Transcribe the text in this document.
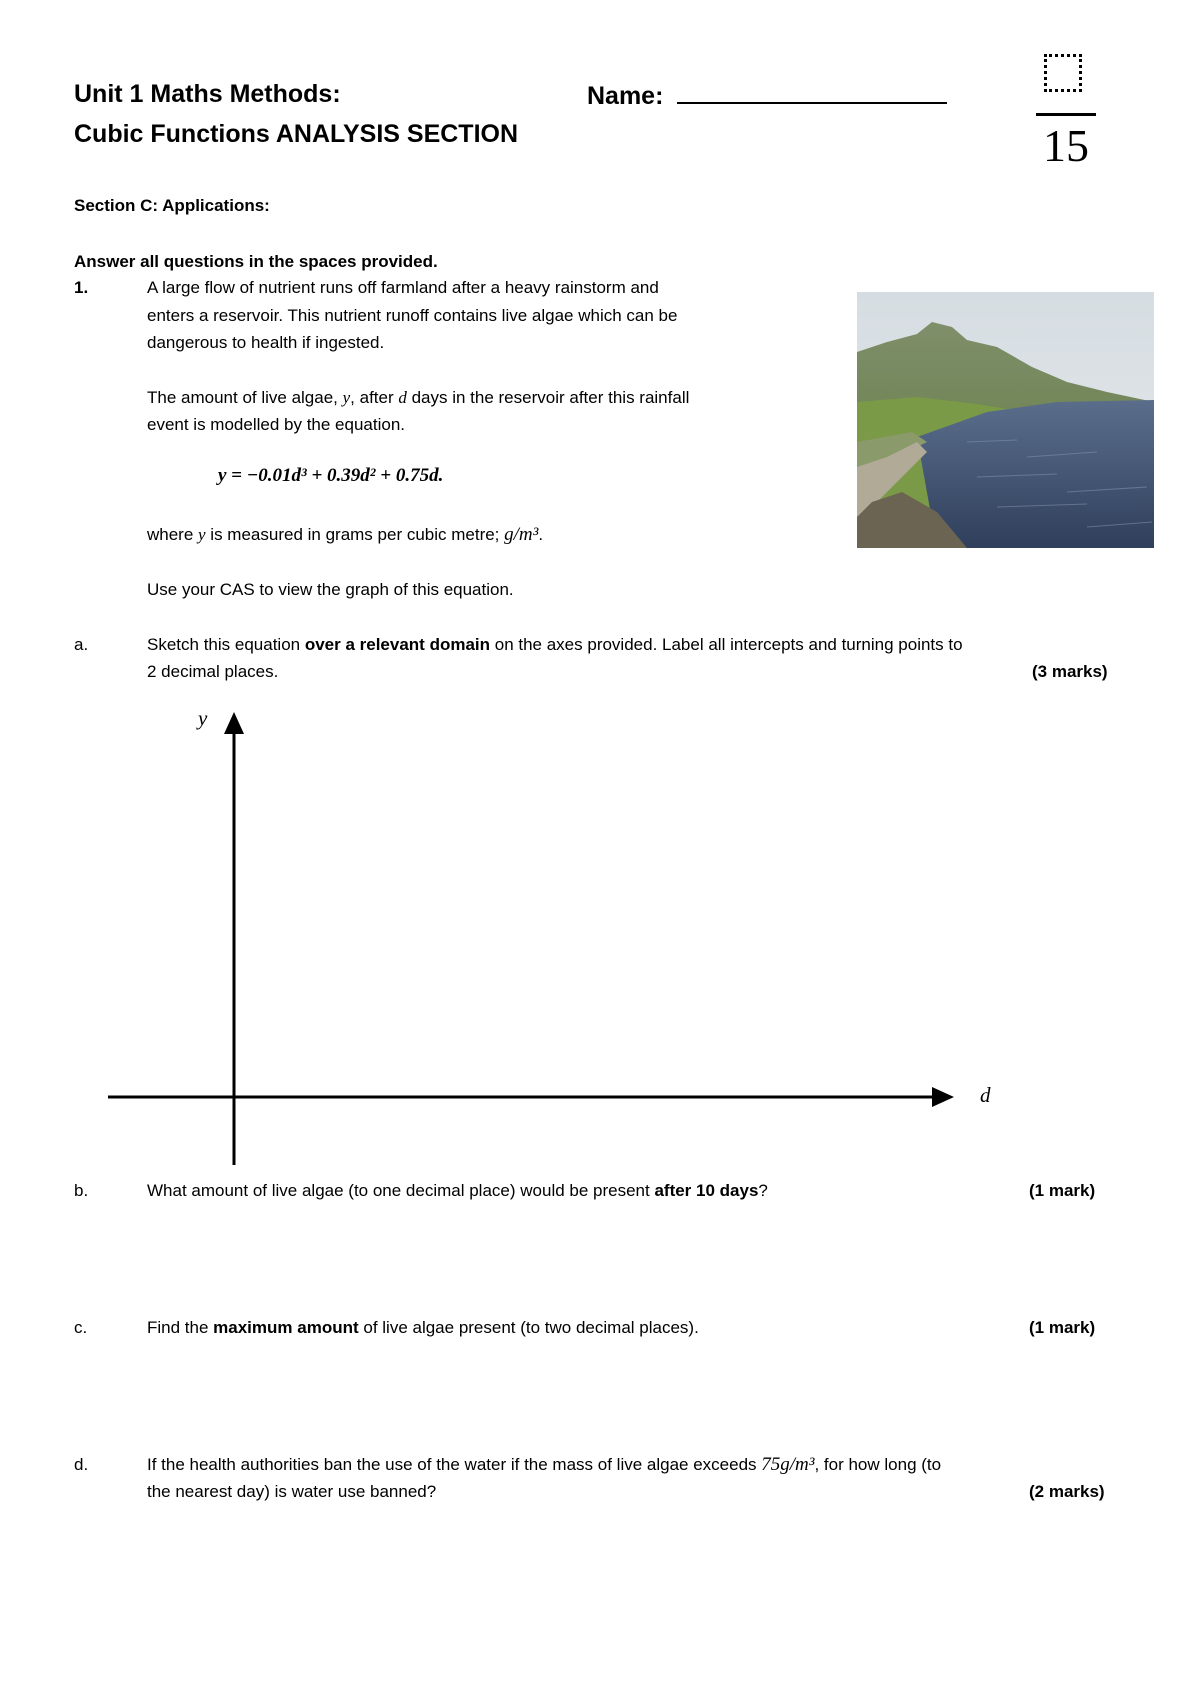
Unit 1 Maths Methods:
Cubic Functions ANALYSIS SECTION
Name:
15
Section C: Applications:
Answer all questions in the spaces provided.
1.	A large flow of nutrient runs off farmland after a heavy rainstorm and
enters a reservoir. This nutrient runoff contains live algae which can be
dangerous to health if ingested.
The amount of live algae, y, after d days in the reservoir after this rainfall
event is modelled by the equation.
y = −0.01d³ + 0.39d² + 0.75d.
where y is measured in grams per cubic metre; g/m³.
Use your CAS to view the graph of this equation.
a.	Sketch this equation over a relevant domain on the axes provided. Label all intercepts and turning points to
2 decimal places.	(3 marks)
y
d
b.	What amount of live algae (to one decimal place) would be present after 10 days?	(1 mark)
c.	Find the maximum amount of live algae present (to two decimal places).	(1 mark)
d.	If the health authorities ban the use of the water if the mass of live algae exceeds 75g/m³, for how long (to
the nearest day) is water use banned?	(2 marks)
